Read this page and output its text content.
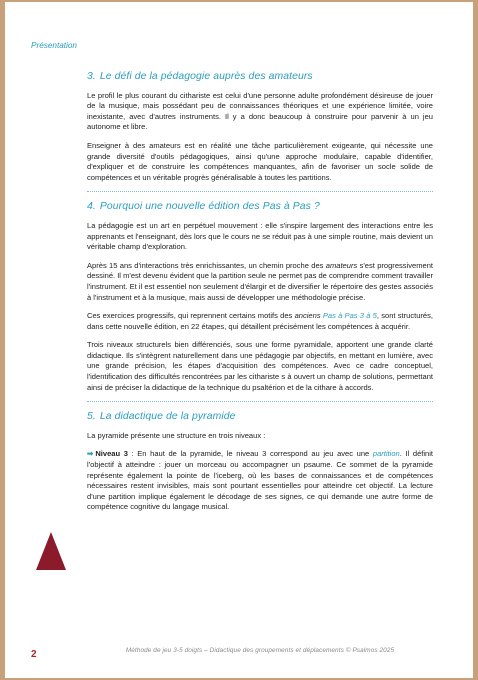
Présentation
3. Le défi de la pédagogie auprès des amateurs

Le profil le plus courant du cithariste est celui d'une personne adulte profondément désireuse de jouer de la musique, mais possédant peu de connaissances théoriques et une expérience limitée, voire inexistante, avec d'autres instruments. Il y a donc beaucoup à construire pour parvenir à un jeu autonome et libre.

Enseigner à des amateurs est en réalité une tâche particulièrement exigeante, qui nécessite une grande diversité d'outils pédagogiques, ainsi qu'une approche modulaire, capable d'identifier, d'expliquer et de construire les compétences manquantes, afin de favoriser un socle solide de compétences et un véritable progrès généralisable à toutes les partitions.

4. Pourquoi une nouvelle édition des Pas à Pas ?

La pédagogie est un art en perpétuel mouvement : elle s'inspire largement des interactions entre les apprenants et l'enseignant, dès lors que le cours ne se réduit pas à une simple routine, mais devient un véritable champ d'exploration.

Après 15 ans d'interactions très enrichissantes, un chemin proche des amateurs s'est progressivement dessiné. Il m'est devenu évident que la partition seule ne permet pas de comprendre comment travailler l'instrument. Et il est essentiel non seulement d'élargir et de diversifier le répertoire des gestes associés à l'instrument et à la musique, mais aussi de développer une méthodologie précise.

Ces exercices progressifs, qui reprennent certains motifs des anciens Pas à Pas 3 à 5, sont structurés, dans cette nouvelle édition, en 22 étapes, qui détaillent précisément les compétences à acquérir.

Trois niveaux structurels bien différenciés, sous une forme pyramidale, apportent une grande clarté didactique. Ils s'intègrent naturellement dans une pédagogie par objectifs, en mettant en lumière, avec une grande précision, les étapes d'acquisition des compétences. Avec ce cadre conceptuel, l'identification des difficultés rencontrées par les cithariste s à ouvert un champ de solutions, permettant ainsi de préciser la didactique de la technique du psaltérion et de la cithare à accords.

5. La didactique de la pyramide

La pyramide présente une structure en trois niveaux :

➡ Niveau 3 : En haut de la pyramide, le niveau 3 correspond au jeu avec une partition. Il définit l'objectif à atteindre : jouer un morceau ou accompagner un psaume. Ce sommet de la pyramide représente également la pointe de l'iceberg, où les bases de connaissances et de compétences nécessaires restent invisibles, mais sont pourtant essentielles pour atteindre cet objectif. La lecture d'une partition implique également le décodage de ses signes, ce qui demande une autre forme de compétence cognitive du langage musical.

2	Méthode de jeu 3-5 doigts – Didactique des groupements et déplacements © Psalmos 2025
